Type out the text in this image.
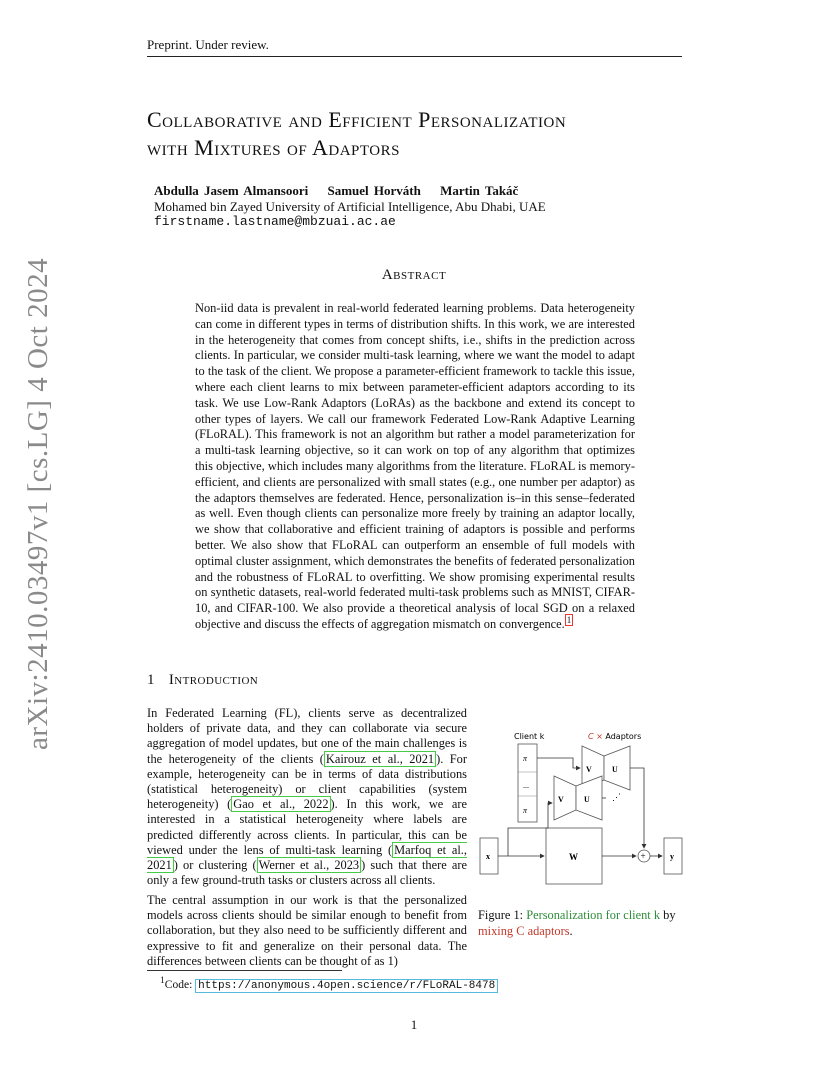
Preprint. Under review.
arXiv:2410.03497v1 [cs.LG] 4 Oct 2024
Collaborative and Efficient Personalization
with Mixtures of Adaptors
Abdulla Jasem Almansoori Samuel Horváth Martin Takáč
Mohamed bin Zayed University of Artificial Intelligence, Abu Dhabi, UAE
firstname.lastname@mbzuai.ac.ae
Abstract
Non-iid data is prevalent in real-world federated learning problems. Data heterogeneity can come in different types in terms of distribution shifts. In this work, we are interested in the heterogeneity that comes from concept shifts, i.e., shifts in the prediction across clients. In particular, we consider multi-task learning, where we want the model to adapt to the task of the client. We propose a parameter-efficient framework to tackle this issue, where each client learns to mix between parameter-efficient adaptors according to its task. We use Low-Rank Adaptors (LoRAs) as the backbone and extend its concept to other types of layers. We call our framework Federated Low-Rank Adaptive Learning (FLoRAL). This framework is not an algorithm but rather a model parameterization for a multi-task learning objective, so it can work on top of any algorithm that optimizes this objective, which includes many algorithms from the literature. FLoRAL is memory-efficient, and clients are personalized with small states (e.g., one number per adaptor) as the adaptors themselves are federated. Hence, personalization is–in this sense–federated as well. Even though clients can personalize more freely by training an adaptor locally, we show that collaborative and efficient training of adaptors is possible and performs better. We also show that FLoRAL can outperform an ensemble of full models with optimal cluster assignment, which demonstrates the benefits of federated personalization and the robustness of FLoRAL to overfitting. We show promising experimental results on synthetic datasets, real-world federated multi-task problems such as MNIST, CIFAR-10, and CIFAR-100. We also provide a theoretical analysis of local SGD on a relaxed objective and discuss the effects of aggregation mismatch on convergence. $^1$
1 Introduction
In Federated Learning (FL), clients serve as decentralized holders of private data, and they can collaborate via secure aggregation of model updates, but one of the main challenges is the heterogeneity of the clients ( Kairouz et al., 2021 ). For example, heterogeneity can be in terms of data distributions (statistical heterogeneity) or client capabilities (system heterogeneity) ( Gao et al., 2022 ). In this work, we are interested in a statistical heterogeneity where labels are predicted differently across clients. In particular, this can be viewed under the lens of multi-task learning ( Marfoq et al., 2021 ) or clustering ( Werner et al., 2023 ) such that there are only a few ground-truth tasks or clusters across all clients.
The central assumption in our work is that the personalized models across clients should be similar enough to benefit from collaboration, but they also need to be sufficiently different and expressive to fit and generalize on their personal data. The differences between clients can be thought of as 1)
Client k
π
...
π
C × Adaptors
V	U
V	U ⋰
W
x	y
+
Figure 1: Personalization for client k by mixing C adaptors.
$^1$Code: https://anonymous.4open.science/r/FLoRAL-8478
1
